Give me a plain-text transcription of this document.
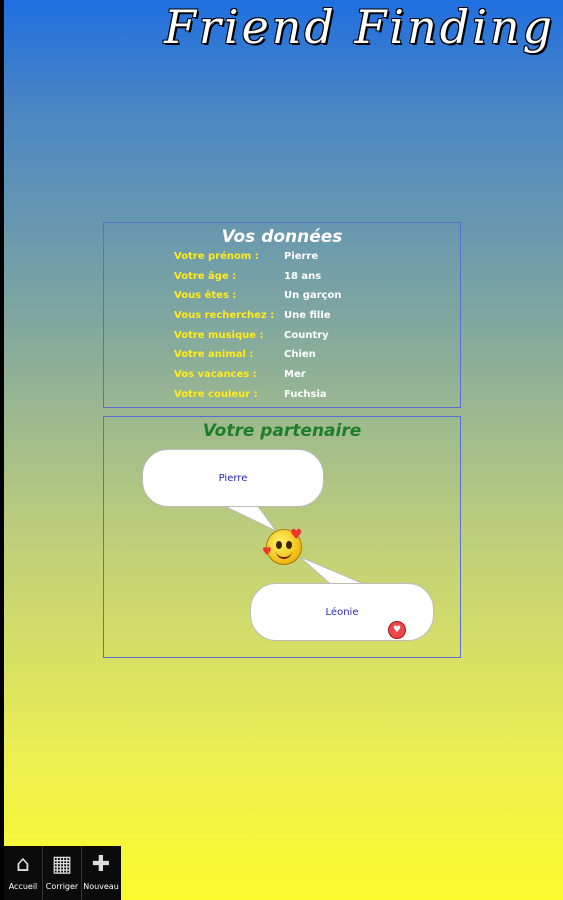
Friend Finding
Vos données
Votre prénom :	Pierre
Votre âge :	18 ans
Vous êtes :	Un garçon
Vous recherchez : Une fille
Votre musique :	Country
Votre animal :	Chien
Vos vacances :	Mer
Votre couleur :	Fuchsia
Votre partenaire
Pierre
♥
♥
Léonie
♥
⌂
Accueil
▦
Corriger
✚
Nouveau
